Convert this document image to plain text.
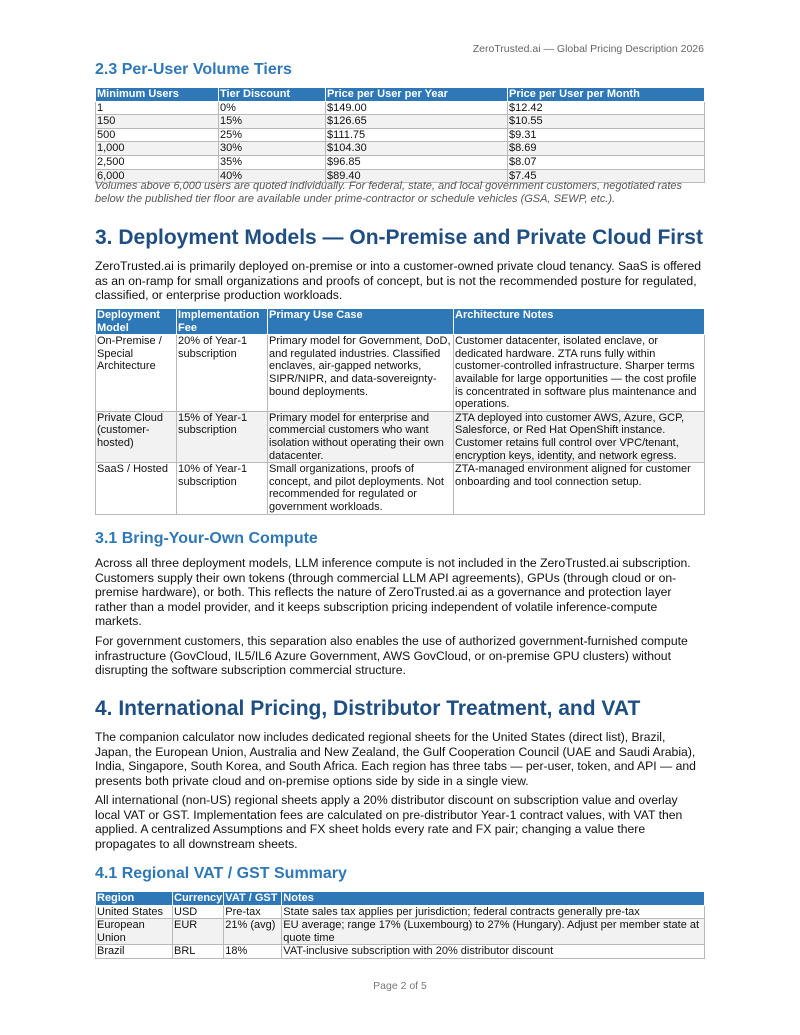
ZeroTrusted.ai — Global Pricing Description 2026
2.3 Per-User Volume Tiers
Minimum Users	Tier Discount	Price per User per Year	Price per User per Month
1	0%	$149.00	$12.42
150	15%	$126.65	$10.55
500	25%	$111.75	$9.31
1,000	30%	$104.30	$8.69
2,500	35%	$96.85	$8.07
6,000	40%	$89.40	$7.45
Volumes above 6,000 users are quoted individually. For federal, state, and local government customers, negotiated rates below the published tier floor are available under prime-contractor or schedule vehicles (GSA, SEWP, etc.).
3. Deployment Models — On-Premise and Private Cloud First

ZeroTrusted.ai is primarily deployed on-premise or into a customer-owned private cloud tenancy. SaaS is offered as an on-ramp for small organizations and proofs of concept, but is not the recommended posture for regulated, classified, or enterprise production workloads.

Deployment Model	Implementation Fee	Primary Use Case	Architecture Notes
On-Premise / Special Architecture	20% of Year-1 subscription	Primary model for Government, DoD, and regulated industries. Classified enclaves, air-gapped networks, SIPR/NIPR, and data-sovereignty-bound deployments.	Customer datacenter, isolated enclave, or dedicated hardware. ZTA runs fully within customer-controlled infrastructure. Sharper terms available for large opportunities — the cost profile is concentrated in software plus maintenance and operations.
Private Cloud (customer-hosted)	15% of Year-1 subscription	Primary model for enterprise and commercial customers who want isolation without operating their own datacenter.	ZTA deployed into customer AWS, Azure, GCP, Salesforce, or Red Hat OpenShift instance. Customer retains full control over VPC/tenant, encryption keys, identity, and network egress.
SaaS / Hosted	10% of Year-1 subscription	Small organizations, proofs of concept, and pilot deployments. Not recommended for regulated or government workloads.	ZTA-managed environment aligned for customer onboarding and tool connection setup.
3.1 Bring-Your-Own Compute

Across all three deployment models, LLM inference compute is not included in the ZeroTrusted.ai subscription. Customers supply their own tokens (through commercial LLM API agreements), GPUs (through cloud or on-premise hardware), or both. This reflects the nature of ZeroTrusted.ai as a governance and protection layer rather than a model provider, and it keeps subscription pricing independent of volatile inference-compute markets.

For government customers, this separation also enables the use of authorized government-furnished compute infrastructure (GovCloud, IL5/IL6 Azure Government, AWS GovCloud, or on-premise GPU clusters) without disrupting the software subscription commercial structure.

4. International Pricing, Distributor Treatment, and VAT

The companion calculator now includes dedicated regional sheets for the United States (direct list), Brazil, Japan, the European Union, Australia and New Zealand, the Gulf Cooperation Council (UAE and Saudi Arabia), India, Singapore, South Korea, and South Africa. Each region has three tabs — per-user, token, and API — and presents both private cloud and on-premise options side by side in a single view.

All international (non-US) regional sheets apply a 20% distributor discount on subscription value and overlay local VAT or GST. Implementation fees are calculated on pre-distributor Year-1 contract values, with VAT then applied. A centralized Assumptions and FX sheet holds every rate and FX pair; changing a value there propagates to all downstream sheets.

4.1 Regional VAT / GST Summary
Region	Currency	VAT / GST	Notes
United States	USD	Pre-tax	State sales tax applies per jurisdiction; federal contracts generally pre-tax
European Union	EUR	21% (avg)	EU average; range 17% (Luxembourg) to 27% (Hungary). Adjust per member state at quote time
Brazil	BRL	18%	VAT-inclusive subscription with 20% distributor discount
Page 2 of 5
